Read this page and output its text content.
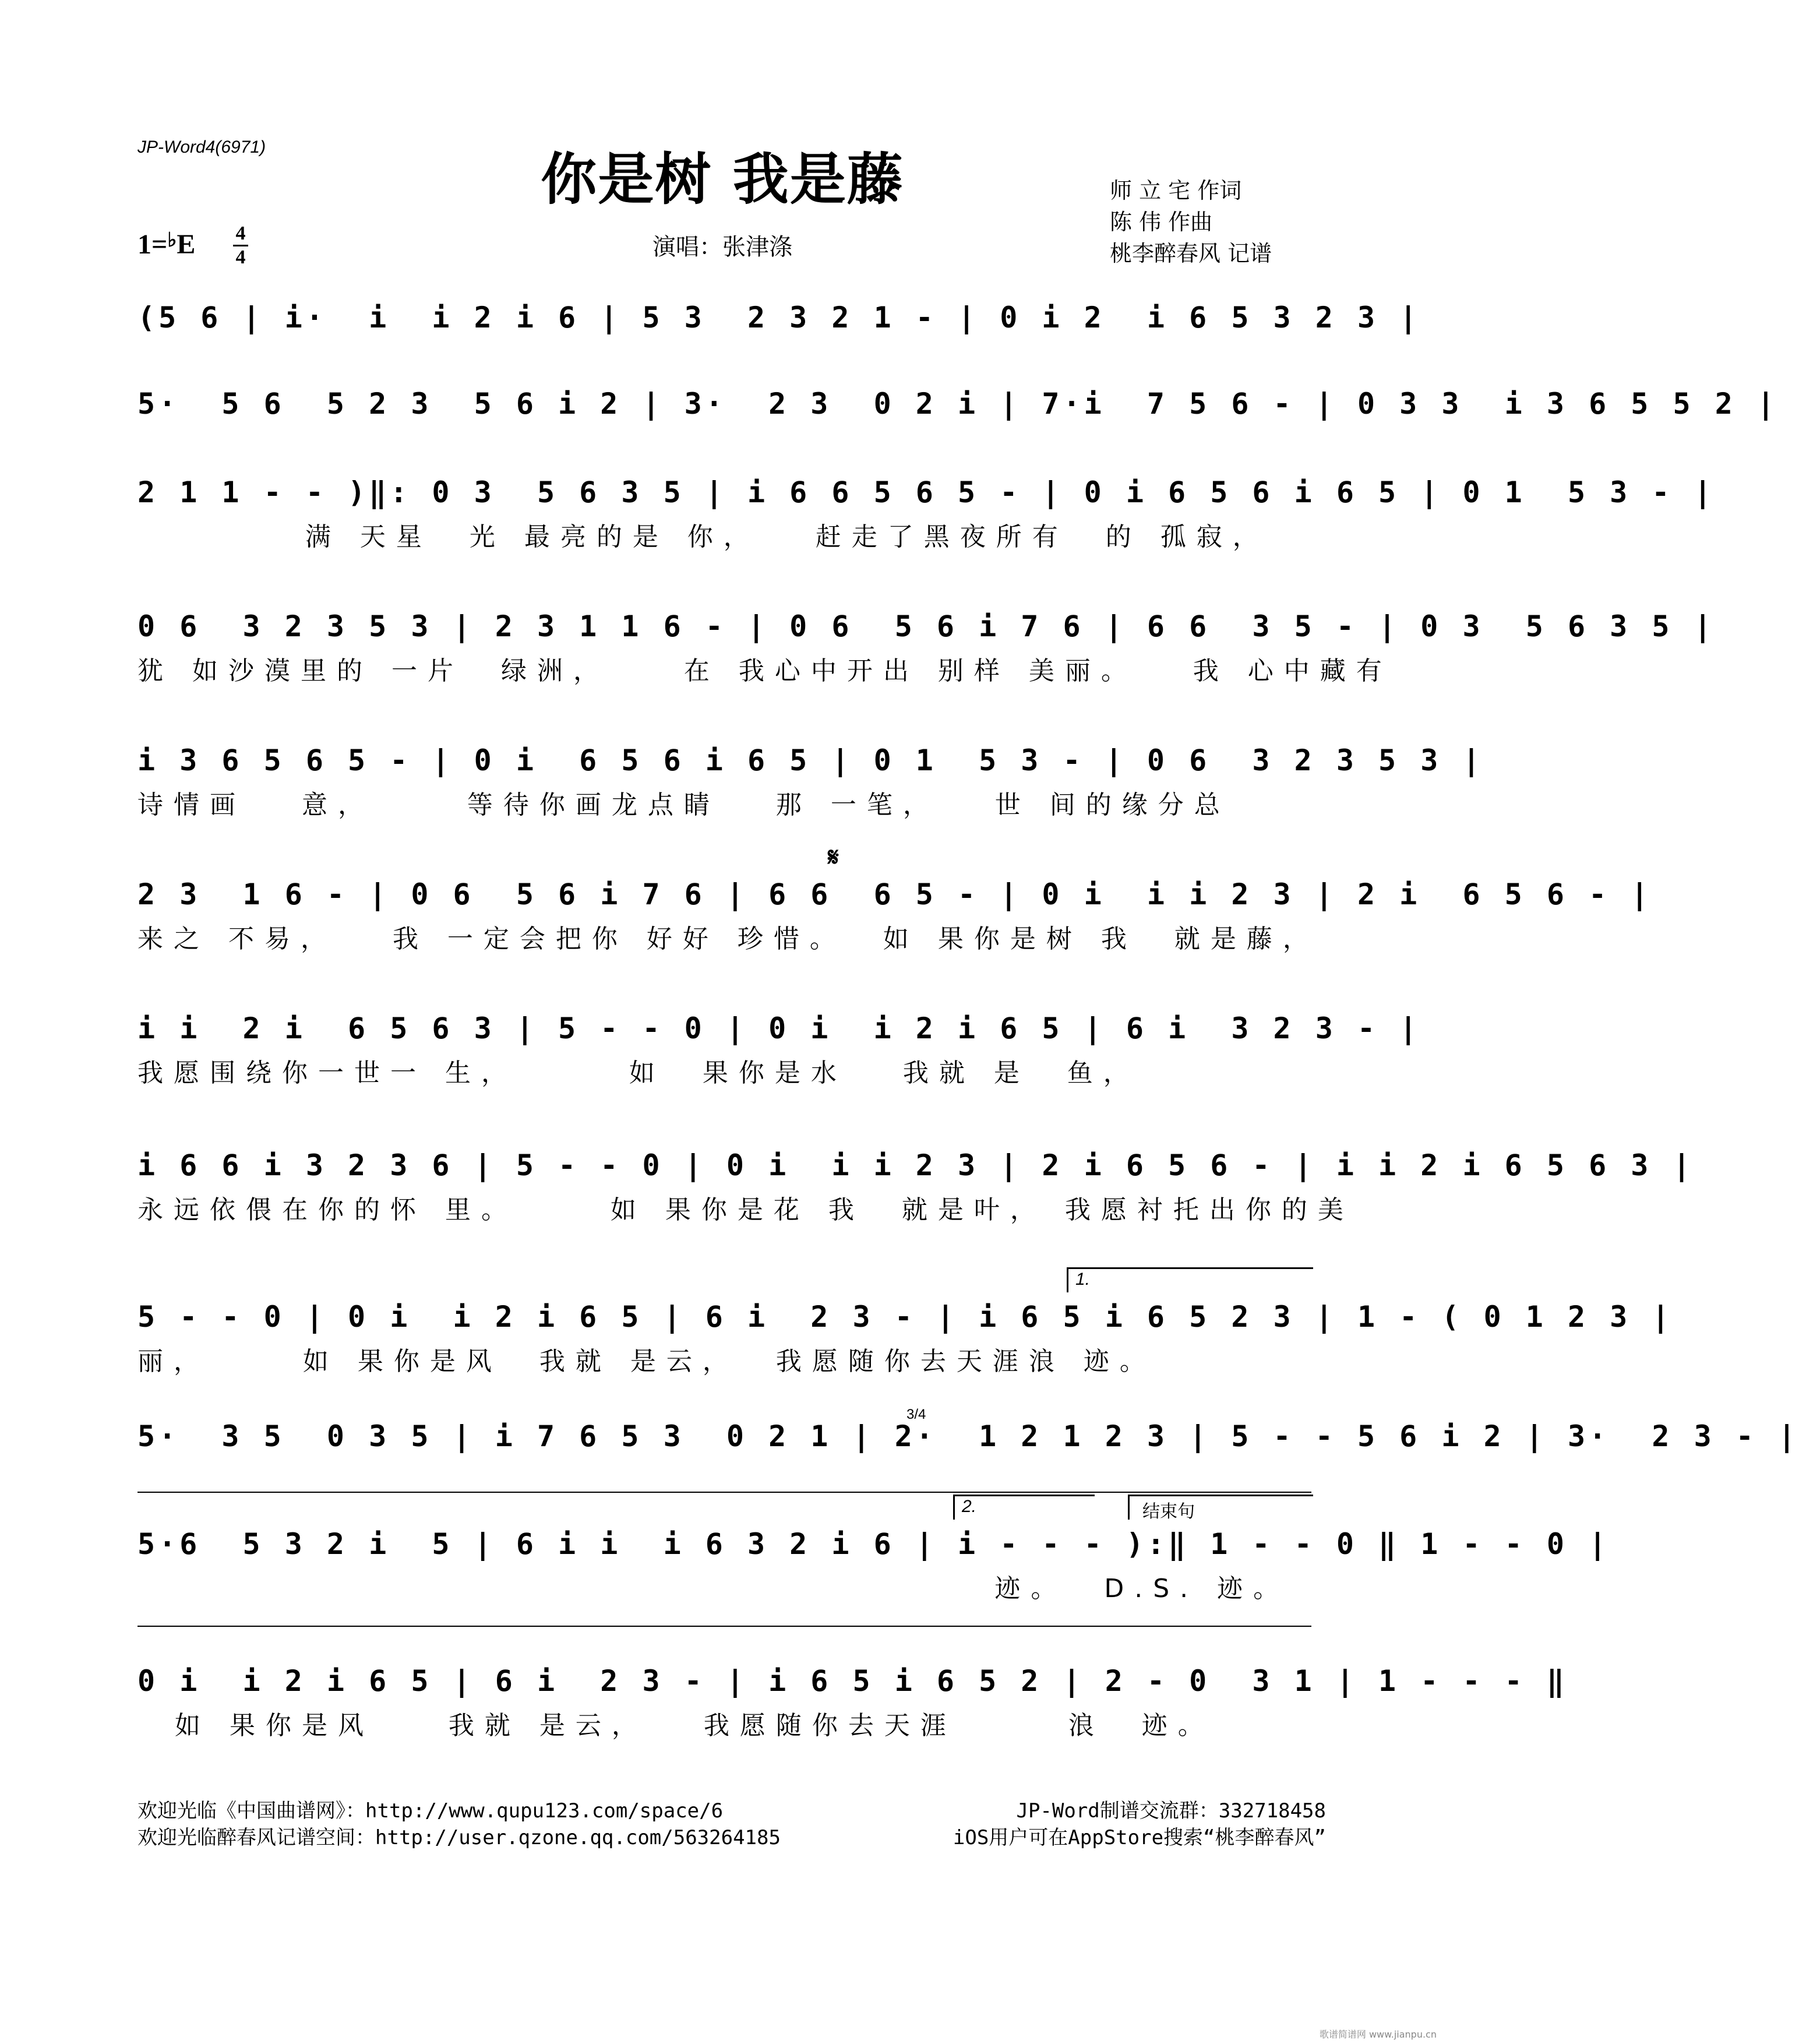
JP-Word4(6971)	你是树 我是藤	师 立 宅 作词
陈 伟 作曲
桃李醉春风 记谱
1=♭E 4
4	演唱：张津涤
(5 6 | i·  i  i 2 i 6 | 5 3  2 3 2 1 - | 0 i 2  i 6 5 3 2 3 |
5·  5 6  5 2 3  5 6 i 2 | 3·  2 3  0 2 i | 7·i  7 5 6 - | 0 3 3  i 3 6 5 5 2 |
2 1 1 - - )‖: 0 3  5 6 3 5 | i 6 6 5 6 5 - | 0 i 6 5 6 i 6 5 | 0 1  5 3 - |
满 天星  光 最亮的是 你，   赶走了黑夜所有  的 孤寂，
0 6  3 2 3 5 3 | 2 3 1 1 6 - | 0 6  5 6 i 7 6 | 6 6  3 5 - | 0 3  5 6 3 5 |
犹 如沙漠里的 一片  绿洲，    在 我心中开出 别样 美丽。   我 心中藏有
i 3 6 5 6 5 - | 0 i  6 5 6 i 6 5 | 0 1  5 3 - | 0 6  3 2 3 5 3 |
诗情画   意，     等待你画龙点睛   那 一笔，   世 间的缘分总
𝄋
2 3  1 6 - | 0 6  5 6 i 7 6 | 6 6  6 5 - | 0 i  i i 2 3 | 2 i  6 5 6 - |
来之 不易，   我 一定会把你 好好 珍惜。  如 果你是树 我  就是藤，
i i  2 i  6 5 6 3 | 5 - - 0 | 0 i  i 2 i 6 5 | 6 i  3 2 3 - |
我愿围绕你一世一 生，      如  果你是水   我就 是  鱼，
i 6 6 i 3 2 3 6 | 5 - - 0 | 0 i  i i 2 3 | 2 i 6 5 6 - | i i 2 i 6 5 6 3 |
永远依偎在你的怀 里。     如 果你是花 我  就是叶， 我愿衬托出你的美
1.
5 - - 0 | 0 i  i 2 i 6 5 | 6 i  2 3 - | i 6 5 i 6 5 2 3 | 1 - ( 0 1 2 3 |
丽，     如 果你是风  我就 是云，  我愿随你去天涯浪 迹。
3/4
5·  3 5  0 3 5 | i 7 6 5 3  0 2 1 | 2·  1 2 1 2 3 | 5 - - 5 6 i 2 | 3·  2 3 - |
2.	结束句
5·6  5 3 2 i  5 | 6 i i  i 6 3 2 i 6 | i - - - ):‖ 1 - - 0 ‖ 1 - - 0 |
迹。  D.S. 迹。
0 i  i 2 i 6 5 | 6 i  2 3 - | i 6 5 i 6 5 2 | 2 - 0  3 1 | 1 - - - ‖
如 果你是风    我就 是云，   我愿随你去天涯      浪  迹。
欢迎光临《中国曲谱网》：http://www.qupu123.com/space/6	JP-Word制谱交流群：332718458
欢迎光临醉春风记谱空间：http://user.qzone.qq.com/563264185	iOS用户可在AppStore搜索“桃李醉春风”
歌谱简谱网 www.jianpu.cn
